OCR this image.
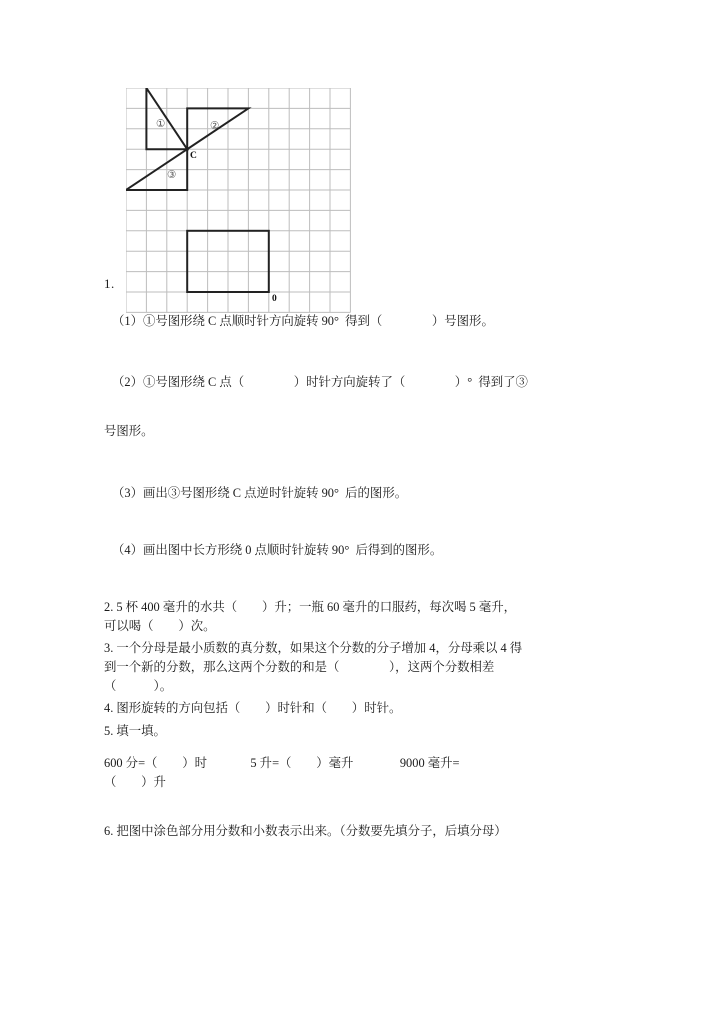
1.
①	②
③
C
0
（1）①号图形绕 C 点顺时针方向旋转 90°  得到（                ）号图形。
（2）①号图形绕 C 点（                ）时针方向旋转了（                ）°  得到了③
号图形。
（3）画出③号图形绕 C 点逆时针旋转 90°  后的图形。
（4）画出图中长方形绕 0 点顺时针旋转 90°  后得到的图形。
2. 5 杯 400 毫升的水共（        ）升；一瓶 60 毫升的口服药，每次喝 5 毫升，
可以喝（        ）次。
3. 一个分母是最小质数的真分数，如果这个分数的分子增加 4，分母乘以 4 得
到一个新的分数，那么这两个分数的和是（                ），这两个分数相差
（            ）。
4. 图形旋转的方向包括（        ）时针和（        ）时针。
5. 填一填。
600 分=（        ）时              5 升=（        ）毫升               9000 毫升=
（        ）升
6. 把图中涂色部分用分数和小数表示出来。（分数要先填分子，后填分母）
